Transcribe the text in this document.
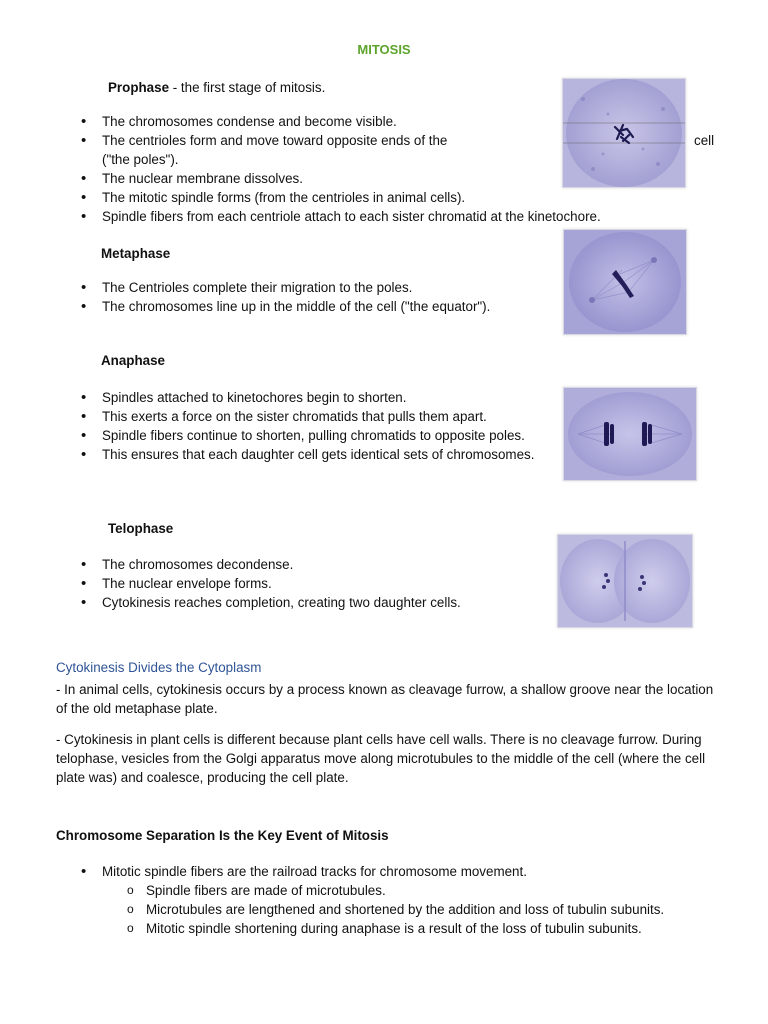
MITOSIS
Prophase - the first stage of mitosis.
• The chromosomes condense and become visible.
• The centrioles form and move toward opposite ends of the	cell
("the poles").
• The nuclear membrane dissolves.
• The mitotic spindle forms (from the centrioles in animal cells).
• Spindle fibers from each centriole attach to each sister chromatid at the kinetochore.
Metaphase
• The Centrioles complete their migration to the poles.
• The chromosomes line up in the middle of the cell ("the equator").
Anaphase
• Spindles attached to kinetochores begin to shorten.
• This exerts a force on the sister chromatids that pulls them apart.
• Spindle fibers continue to shorten, pulling chromatids to opposite poles.
• This ensures that each daughter cell gets identical sets of chromosomes.
Telophase
• The chromosomes decondense.
• The nuclear envelope forms.
• Cytokinesis reaches completion, creating two daughter cells.
Cytokinesis Divides the Cytoplasm

- In animal cells, cytokinesis occurs by a process known as cleavage furrow, a shallow groove near the location of the old metaphase plate.

- Cytokinesis in plant cells is different because plant cells have cell walls. There is no cleavage furrow. During telophase, vesicles from the Golgi apparatus move along microtubules to the middle of the cell (where the cell plate was) and coalesce, producing the cell plate.

Chromosome Separation Is the Key Event of Mitosis
• Mitotic spindle fibers are the railroad tracks for chromosome movement.
o Spindle fibers are made of microtubules.
o Microtubules are lengthened and shortened by the addition and loss of tubulin subunits.
o Mitotic spindle shortening during anaphase is a result of the loss of tubulin subunits.
